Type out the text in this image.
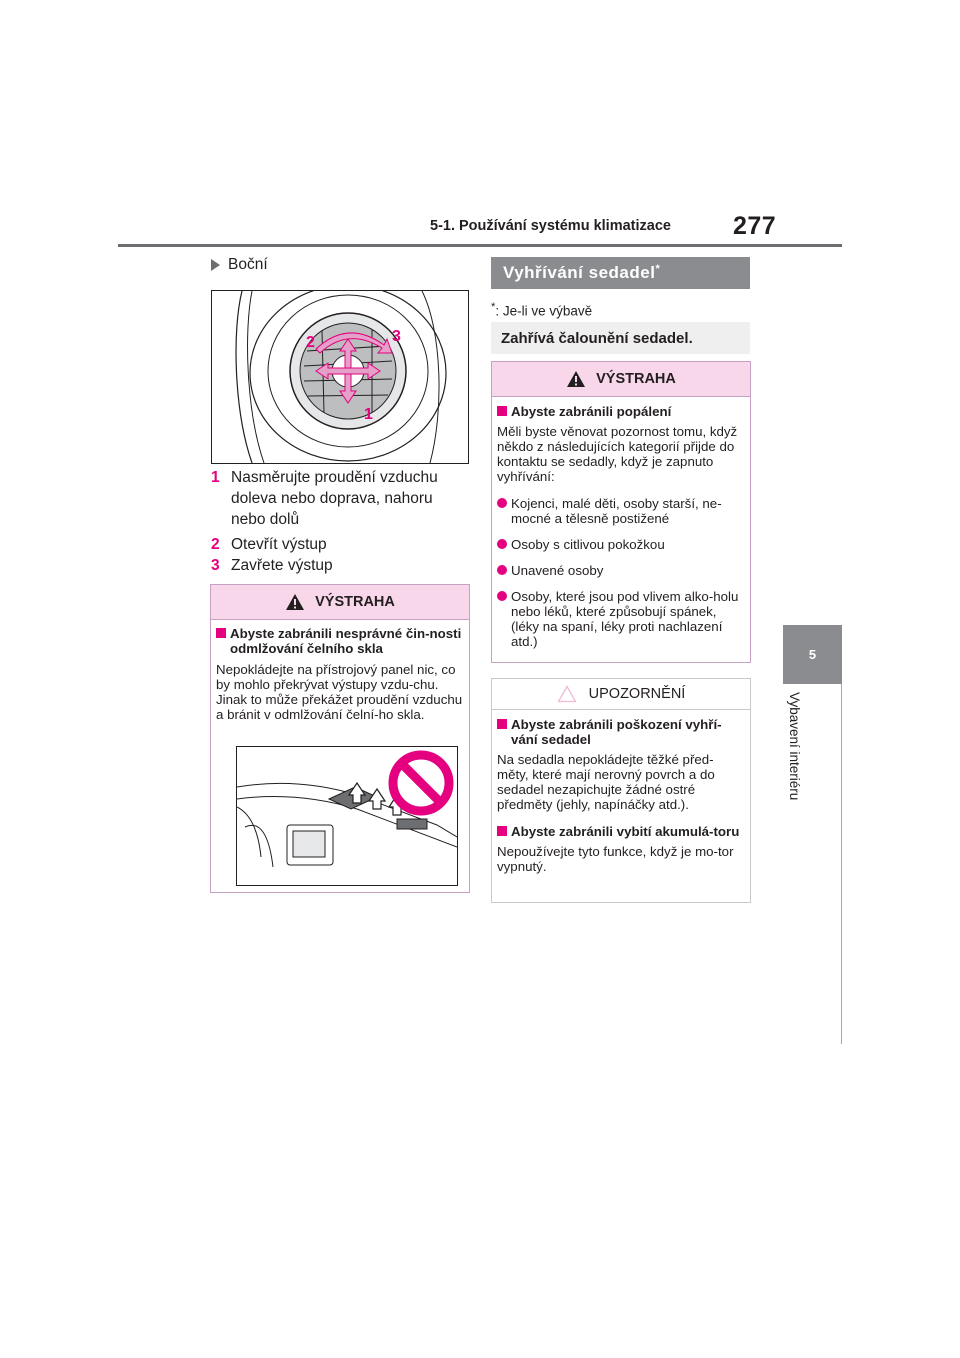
5-1. Používání systému klimatizace 277
5
Vybavení interiéru
Boční
2	3
1
1 Nasměrujte proudění vzduchu doleva nebo doprava, nahoru nebo dolů
2 Otevřít výstup
3 Zavřete výstup
VÝSTRAHA
Abyste zabránili nesprávné čin-nosti odmlžování čelního skla
Nepokládejte na přístrojový panel nic, co by mohlo překrývat výstupy vzdu-chu. Jinak to může překážet proudění vzduchu a bránit v odmlžování čelní-ho skla.
Vyhřívání sedadel*
*: Je-li ve výbavě
Zahřívá čalounění sedadel.
VÝSTRAHA
Abyste zabránili popálení
Měli byste věnovat pozornost tomu, když někdo z následujících kategorií přijde do kontaktu se sedadly, když je zapnuto vyhřívání:
Kojenci, malé děti, osoby starší, ne-mocné a tělesně postižené
Osoby s citlivou pokožkou
Unavené osoby
Osoby, které jsou pod vlivem alko-holu nebo léků, které způsobují spánek, (léky na spaní, léky proti nachlazení atd.)
UPOZORNĚNÍ
Abyste zabránili poškození vyhří-vání sedadel
Na sedadla nepokládejte těžké před-měty, které mají nerovný povrch a do sedadel nezapichujte žádné ostré předměty (jehly, napínáčky atd.).
Abyste zabránili vybití akumulá-toru
Nepoužívejte tyto funkce, když je mo-tor vypnutý.
